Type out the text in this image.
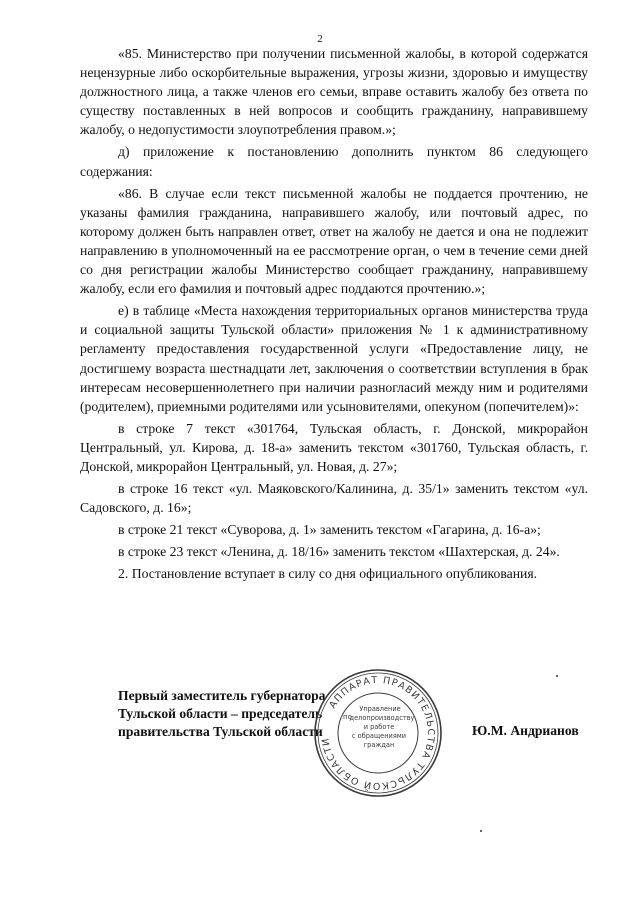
2

«85. Министерство при получении письменной жалобы, в которой содержатся нецензурные либо оскорбительные выражения, угрозы жизни, здоровью и имуществу должностного лица, а также членов его семьи, вправе оставить жалобу без ответа по существу поставленных в ней вопросов и сообщить гражданину, направившему жалобу, о недопустимости злоупотребления правом.»;

д) приложение к постановлению дополнить пунктом 86 следующего содержания:

«86. В случае если текст письменной жалобы не поддается прочтению, не указаны фамилия гражданина, направившего жалобу, или почтовый адрес, по которому должен быть направлен ответ, ответ на жалобу не дается и она не подлежит направлению в уполномоченный на ее рассмотрение орган, о чем в течение семи дней со дня регистрации жалобы Министерство сообщает гражданину, направившему жалобу, если его фамилия и почтовый адрес поддаются прочтению.»;

е) в таблице «Места нахождения территориальных органов министерства труда и социальной защиты Тульской области» приложения № 1 к административному регламенту предоставления государственной услуги «Предоставление лицу, не достигшему возраста шестнадцати лет, заключения о соответствии вступления в брак интересам несовершеннолетнего при наличии разногласий между ним и родителями (родителем), приемными родителями или усыновителями, опекуном (попечителем)»:

в строке 7 текст «301764, Тульская область, г. Донской, микрорайон Центральный, ул. Кирова, д. 18-а» заменить текстом «301760, Тульская область, г. Донской, микрорайон Центральный, ул. Новая, д. 27»;

в строке 16 текст «ул. Маяковского/Калинина, д. 35/1» заменить текстом «ул. Садовского, д. 16»;

в строке 21 текст «Суворова, д. 1» заменить текстом «Гагарина, д. 16-а»;

в строке 23 текст «Ленина, д. 18/16» заменить текстом «Шахтерская, д. 24».

2. Постановление вступает в силу со дня официального опубликования.

Первый заместитель губернатора
Тульской области – председатель
правительства Тульской области	Ю.М. Андрианов
АППАРАТ ПРАВИТЕЛЬСТВА ТУЛЬСКОЙ ОБЛАСТИ
по
Управление
делопроизводству
и работе
с обращениями
граждан
